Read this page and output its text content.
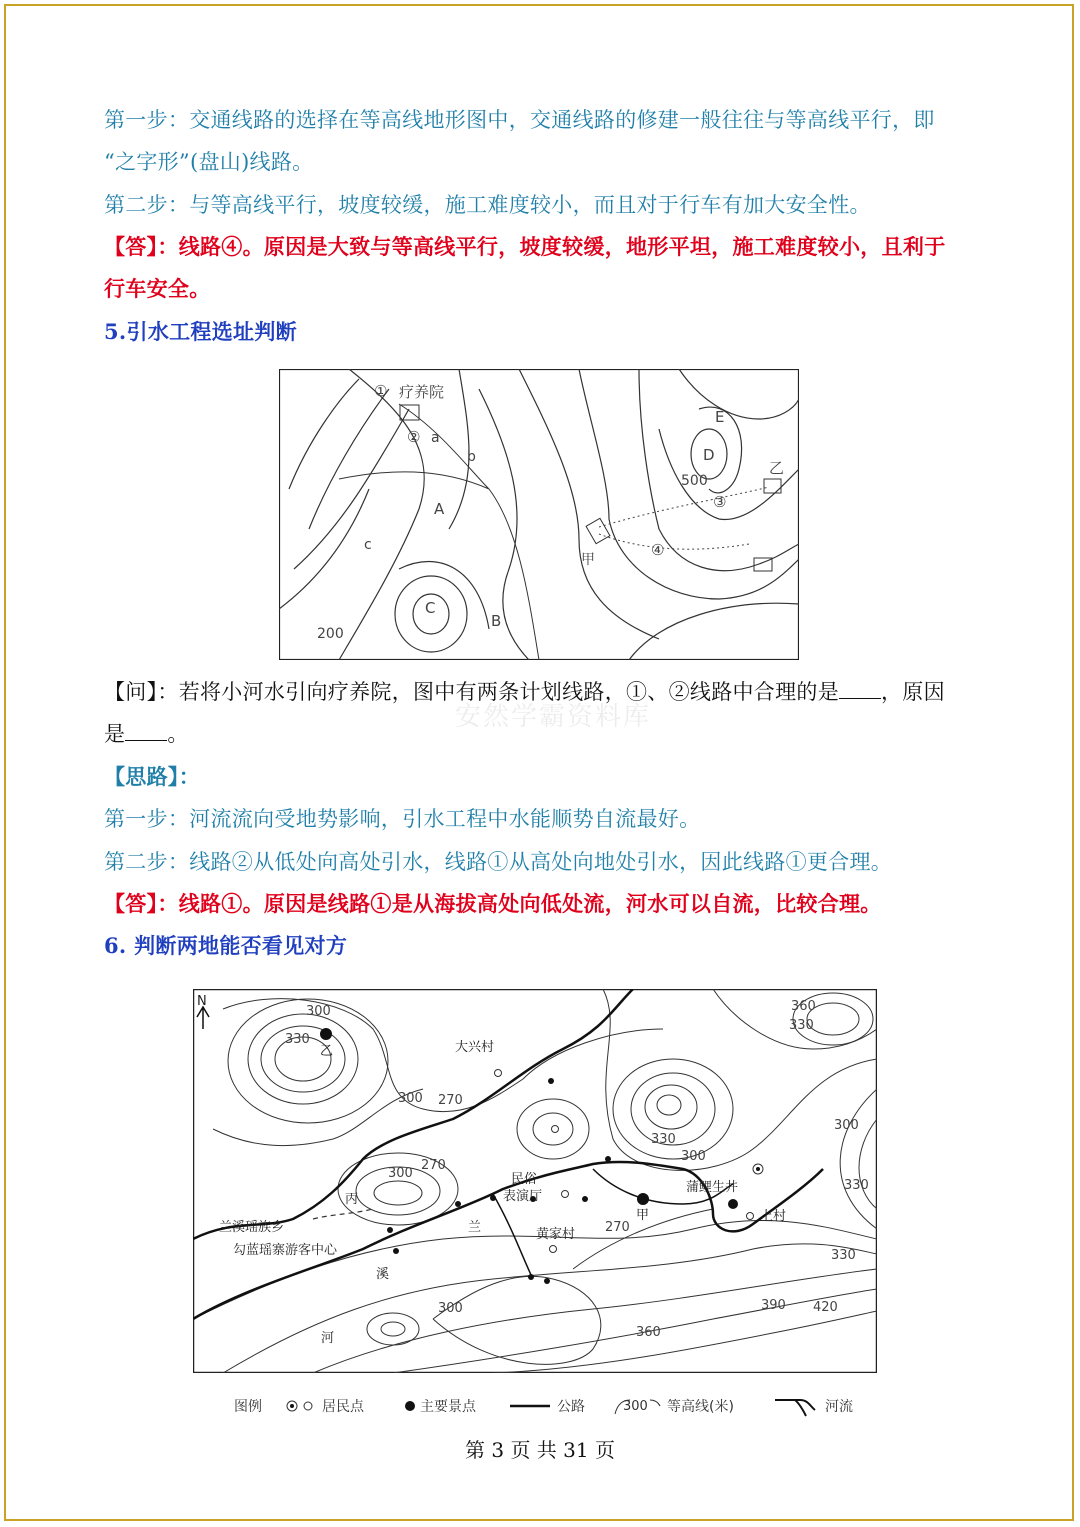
第一步：交通线路的选择在等高线地形图中，交通线路的修建一般往往与等高线平行，即
“之字形”(盘山)线路。
第二步：与等高线平行，坡度较缓，施工难度较小，而且对于行车有加大安全性。
【答】：线路④。原因是大致与等高线平行，坡度较缓，地形平坦，施工难度较小，且利于
行车安全。
5.引水工程选址判断
① 疗养院
② a
b
A
c
C
B
200
E
D
500
乙
③
④
甲
【问】：若将小河水引向疗养院，图中有两条计划线路，①、②线路中合理的是 ，原因
是 。
安然学霸资料库
【思路】：
第一步：河流流向受地势影响，引水工程中水能顺势自流最好。
第二步：线路②从低处向高处引水，线路①从高处向地处引水，因此线路①更合理。
【答】：线路①。原因是线路①是从海拔高处向低处流，河水可以自流，比较合理。
6. 判断两地能否看见对方
N
300
330
300 270
270
300
330
300
360
330
300
330
330
390 420
360
300
270
乙	大兴村
丙
民俗
表演厅
兰溪瑶族乡
勾蓝瑶寨游客中心
兰
溪
河
黄家村
甲
蒲鲤生井
上村
图例	居民点	主要景点	公路	300 等高线(米)	河流
第 3 页 共 31 页
